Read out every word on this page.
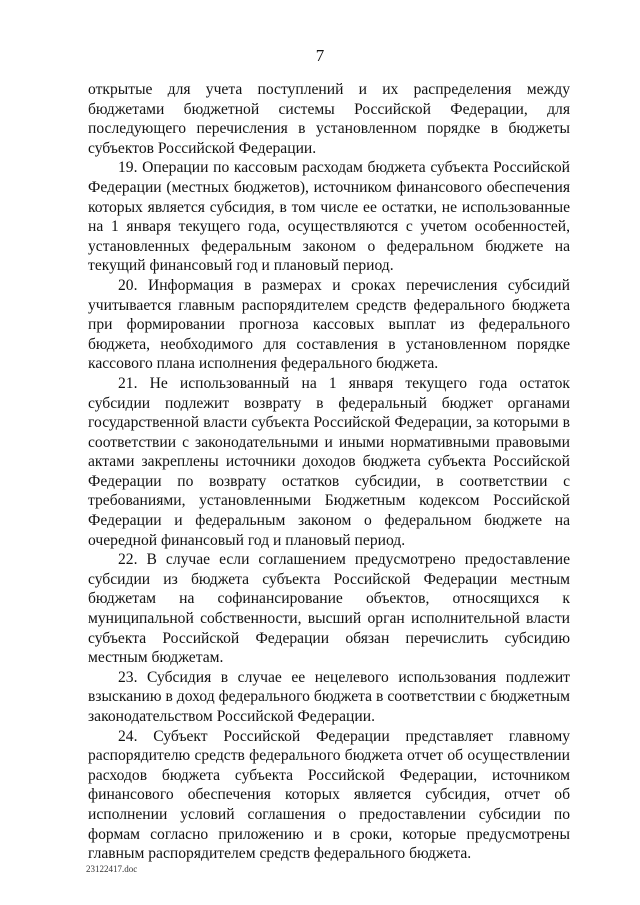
7

открытые для учета поступлений и их распределения между бюджетами бюджетной системы Российской Федерации, для последующего перечисления в установленном порядке в бюджеты субъектов Российской Федерации.

19. Операции по кассовым расходам бюджета субъекта Российской Федерации (местных бюджетов), источником финансового обеспечения которых является субсидия, в том числе ее остатки, не использованные на 1 января текущего года, осуществляются с учетом особенностей, установленных федеральным законом о федеральном бюджете на текущий финансовый год и плановый период.

20. Информация в размерах и сроках перечисления субсидий учитывается главным распорядителем средств федерального бюджета при формировании прогноза кассовых выплат из федерального бюджета, необходимого для составления в установленном порядке кассового плана исполнения федерального бюджета.

21. Не использованный на 1 января текущего года остаток субсидии подлежит возврату в федеральный бюджет органами государственной власти субъекта Российской Федерации, за которыми в соответствии с законодательными и иными нормативными правовыми актами закреплены источники доходов бюджета субъекта Российской Федерации по возврату остатков субсидии, в соответствии с требованиями, установленными Бюджетным кодексом Российской Федерации и федеральным законом о федеральном бюджете на очередной финансовый год и плановый период.

22. В случае если соглашением предусмотрено предоставление субсидии из бюджета субъекта Российской Федерации местным бюджетам на софинансирование объектов, относящихся к муниципальной собственности, высший орган исполнительной власти субъекта Российской Федерации обязан перечислить субсидию местным бюджетам.

23. Субсидия в случае ее нецелевого использования подлежит взысканию в доход федерального бюджета в соответствии с бюджетным законодательством Российской Федерации.

24. Субъект Российской Федерации представляет главному распорядителю средств федерального бюджета отчет об осуществлении расходов бюджета субъекта Российской Федерации, источником финансового обеспечения которых является субсидия, отчет об исполнении условий соглашения о предоставлении субсидии по формам согласно приложению и в сроки, которые предусмотрены главным распорядителем средств федерального бюджета.

23122417.doc
